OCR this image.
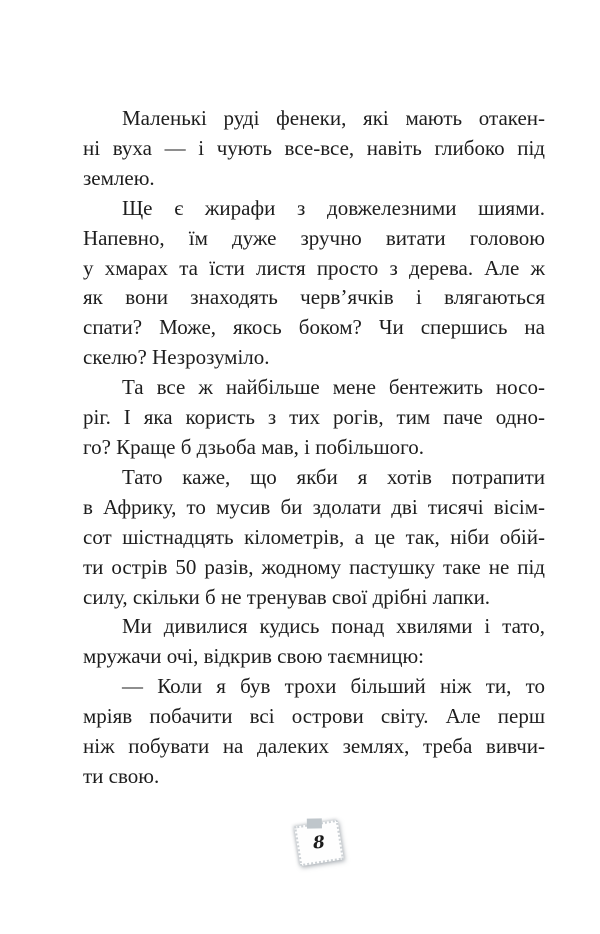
Маленькі руді фенеки, які мають отакен-
ні вуха — і чують все-все, навіть глибоко під
землею.
Ще є жирафи з довжелезними шиями.
Напевно, їм дуже зручно витати головою
у хмарах та їсти листя просто з дерева. Але ж
як вони знаходять черв’ячків і влягаються
спати? Може, якось боком? Чи спершись на
скелю? Незрозуміло.
Та все ж найбільше мене бентежить носо-
ріг. І яка користь з тих рогів, тим паче одно-
го? Краще б дзьоба мав, і побільшого.
Тато каже, що якби я хотів потрапити
в Африку, то мусив би здолати дві тисячі вісім-
сот шістнадцять кілометрів, а це так, ніби обій-
ти острів 50 разів, жодному пастушку таке не під
силу, скільки б не тренував свої дрібні лапки.
Ми дивилися кудись понад хвилями і тато,
мружачи очі, відкрив свою таємницю:
— Коли я був трохи більший ніж ти, то
мріяв побачити всі острови світу. Але перш
ніж побувати на далеких землях, треба вивчи-
ти свою.
8
